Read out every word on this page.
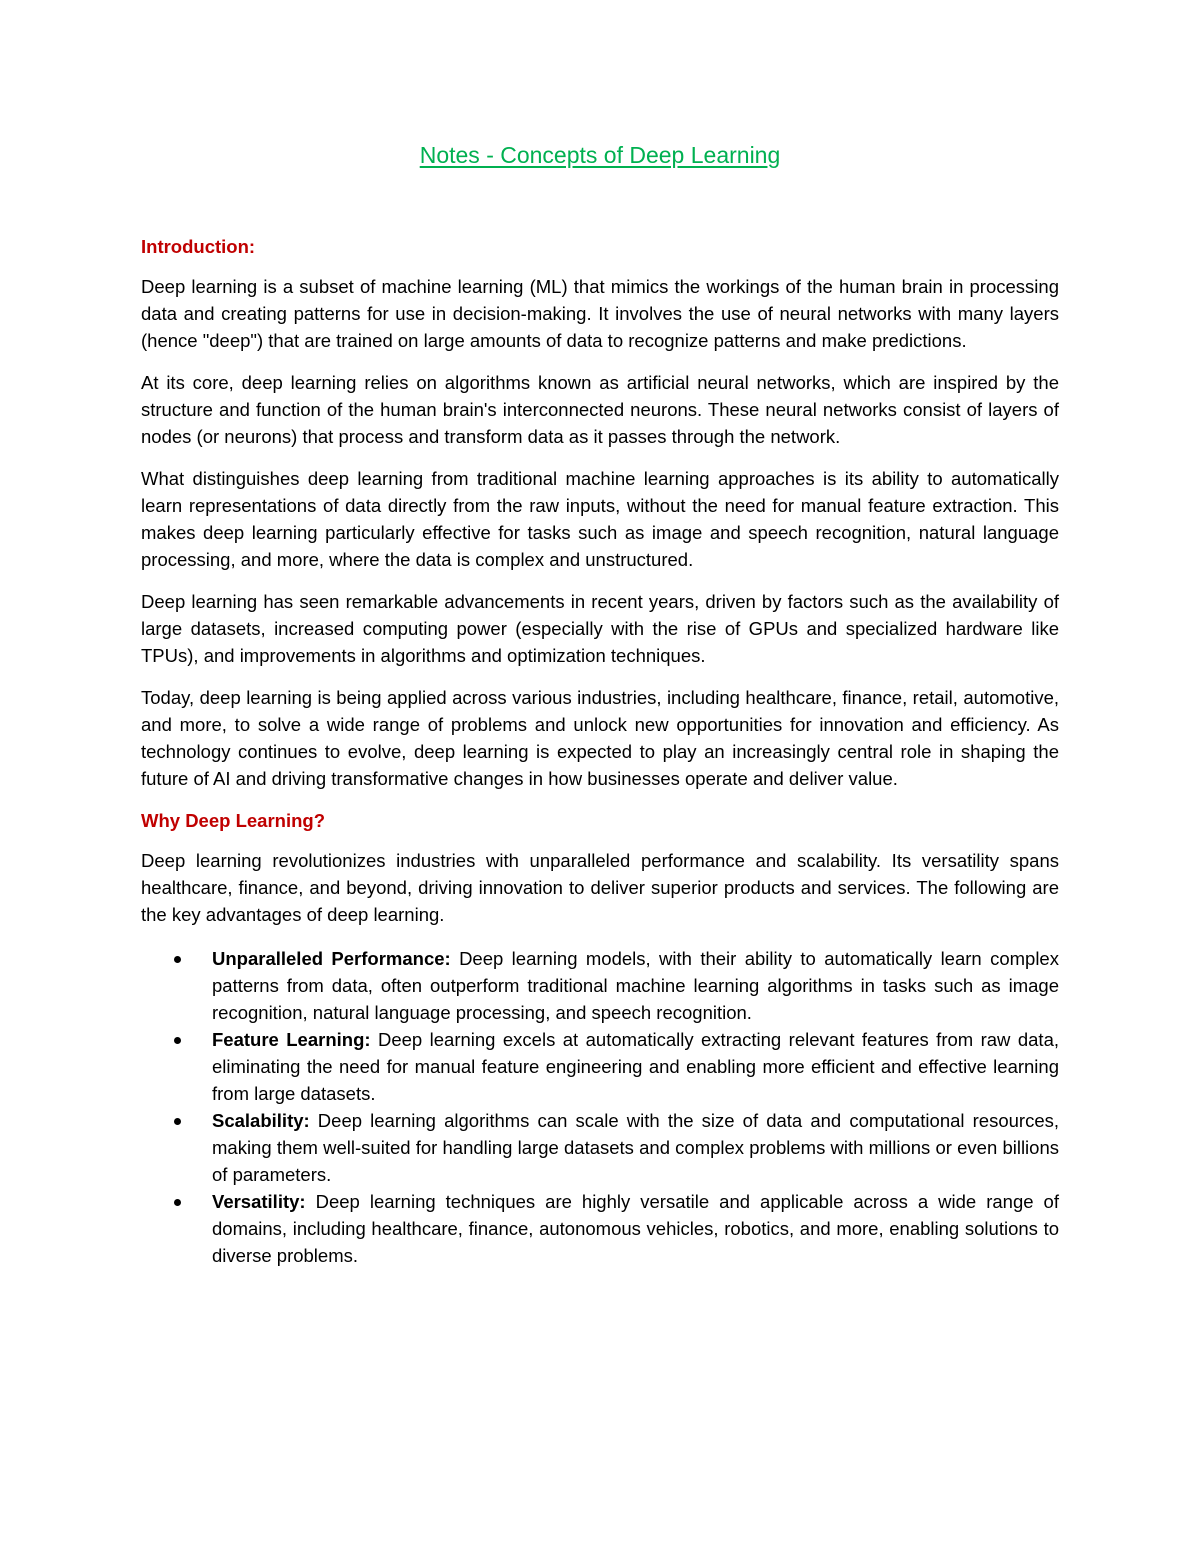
Notes - Concepts of Deep Learning
Introduction:

Deep learning is a subset of machine learning (ML) that mimics the workings of the human brain in processing data and creating patterns for use in decision-making. It involves the use of neural networks with many layers (hence "deep") that are trained on large amounts of data to recognize patterns and make predictions.

At its core, deep learning relies on algorithms known as artificial neural networks, which are inspired by the structure and function of the human brain's interconnected neurons. These neural networks consist of layers of nodes (or neurons) that process and transform data as it passes through the network.

What distinguishes deep learning from traditional machine learning approaches is its ability to automatically learn representations of data directly from the raw inputs, without the need for manual feature extraction. This makes deep learning particularly effective for tasks such as image and speech recognition, natural language processing, and more, where the data is complex and unstructured.

Deep learning has seen remarkable advancements in recent years, driven by factors such as the availability of large datasets, increased computing power (especially with the rise of GPUs and specialized hardware like TPUs), and improvements in algorithms and optimization techniques.

Today, deep learning is being applied across various industries, including healthcare, finance, retail, automotive, and more, to solve a wide range of problems and unlock new opportunities for innovation and efficiency. As technology continues to evolve, deep learning is expected to play an increasingly central role in shaping the future of AI and driving transformative changes in how businesses operate and deliver value.

Why Deep Learning?

Deep learning revolutionizes industries with unparalleled performance and scalability. Its versatility spans healthcare, finance, and beyond, driving innovation to deliver superior products and services. The following are the key advantages of deep learning.

Unparalleled Performance: Deep learning models, with their ability to automatically learn complex patterns from data, often outperform traditional machine learning algorithms in tasks such as image recognition, natural language processing, and speech recognition.
Feature Learning: Deep learning excels at automatically extracting relevant features from raw data, eliminating the need for manual feature engineering and enabling more efficient and effective learning from large datasets.
Scalability: Deep learning algorithms can scale with the size of data and computational resources, making them well-suited for handling large datasets and complex problems with millions or even billions of parameters.
Versatility: Deep learning techniques are highly versatile and applicable across a wide range of domains, including healthcare, finance, autonomous vehicles, robotics, and more, enabling solutions to diverse problems.
